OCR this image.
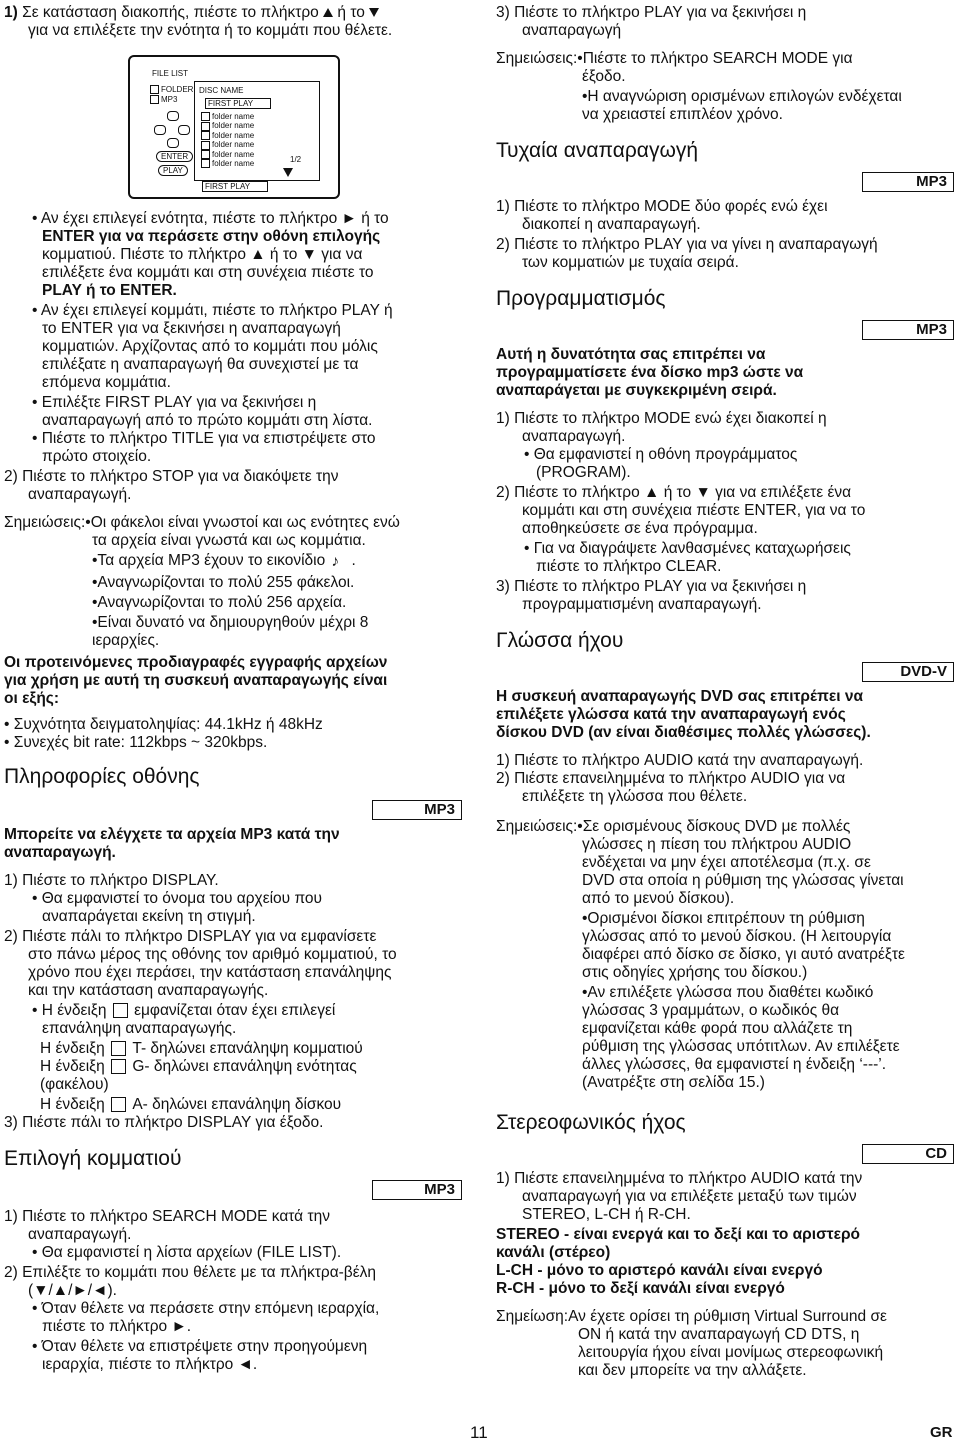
1) Σε κατάσταση διακοπής, πιέστε το πλήκτρο ή το
για να επιλέξετε την ενότητα ή το κομμάτι που θέλετε.
FILE LIST
FOLDER
MP3
DISC NAME
FIRST PLAY
folder name
folder name
folder name
folder name
folder name
folder name	1/2
ENTER
PLAY
FIRST PLAY
• Αν έχει επιλεγεί ενότητα, πιέστε το πλήκτρο ► ή το
ENTER για να περάσετε στην οθόνη επιλογής
κομματιού. Πιέστε το πλήκτρο ▲ ή το ▼ για να
επιλέξετε ένα κομμάτι και στη συνέχεια πιέστε το
PLAY ή το ENTER.
• Αν έχει επιλεγεί κομμάτι, πιέστε το πλήκτρο PLAY ή
το ENTER για να ξεκινήσει η αναπαραγωγή
κομματιών. Αρχίζοντας από το κομμάτι που μόλις
επιλέξατε η αναπαραγωγή θα συνεχιστεί με τα
επόμενα κομμάτια.
• Επιλέξτε FIRST PLAY για να ξεκινήσει η
αναπαραγωγή από το πρώτο κομμάτι στη λίστα.
• Πιέστε το πλήκτρο TITLE για να επιστρέψετε στο
πρώτο στοιχείο.
2) Πιέστε το πλήκτρο STOP για να διακόψετε την
αναπαραγωγή.
Σημειώσεις:•Οι φάκελοι είναι γνωστοί και ως ενότητες ενώ
τα αρχεία είναι γνωστά και ως κομμάτια.
•Τα αρχεία MP3 έχουν το εικονίδιο ♪ .
•Αναγνωρίζονται το πολύ 255 φάκελοι.
•Αναγνωρίζονται το πολύ 256 αρχεία.
•Είναι δυνατό να δημιουργηθούν μέχρι 8
ιεραρχίες.
Οι προτεινόμενες προδιαγραφές εγγραφής αρχείων
για χρήση με αυτή τη συσκευή αναπαραγωγής είναι
οι εξής:
• Συχνότητα δειγματοληψίας: 44.1kHz ή 48kHz
• Συνεχές bit rate: 112kbps ~ 320kbps.
Πληροφορίες οθόνης
MP3
Μπορείτε να ελέγχετε τα αρχεία MP3 κατά την
αναπαραγωγή.
1) Πιέστε το πλήκτρο DISPLAY.
• Θα εμφανιστεί το όνομα του αρχείου που
αναπαράγεται εκείνη τη στιγμή.
2) Πιέστε πάλι το πλήκτρο DISPLAY για να εμφανίσετε
στο πάνω μέρος της οθόνης τον αριθμό κομματιού, το
χρόνο που έχει περάσει, την κατάσταση επανάληψης
και την κατάσταση αναπαραγωγής.
• Η ένδειξη εμφανίζεται όταν έχει επιλεγεί
επανάληψη αναπαραγωγής.
Η ένδειξη T- δηλώνει επανάληψη κομματιού
Η ένδειξη G- δηλώνει επανάληψη ενότητας
(φακέλου)
Η ένδειξη A- δηλώνει επανάληψη δίσκου
3) Πιέστε πάλι το πλήκτρο DISPLAY για έξοδο.
Επιλογή κομματιού
MP3
1) Πιέστε το πλήκτρο SEARCH MODE κατά την
αναπαραγωγή.
• Θα εμφανιστεί η λίστα αρχείων (FILE LIST).
2) Επιλέξτε το κομμάτι που θέλετε με τα πλήκτρα-βέλη
(▼/▲/►/◄).
• Όταν θέλετε να περάσετε στην επόμενη ιεραρχία,
πιέστε το πλήκτρο ►.
• Όταν θέλετε να επιστρέψετε στην προηγούμενη
ιεραρχία, πιέστε το πλήκτρο ◄.
3) Πιέστε το πλήκτρο PLAY για να ξεκινήσει η
αναπαραγωγή
Σημειώσεις:•Πιέστε το πλήκτρο SEARCH MODE για
έξοδο.
•Η αναγνώριση ορισμένων επιλογών ενδέχεται
να χρειαστεί επιπλέον χρόνο.
Τυχαία αναπαραγωγή
MP3
1) Πιέστε το πλήκτρο MODE δύο φορές ενώ έχει
διακοπεί η αναπαραγωγή.
2) Πιέστε το πλήκτρο PLAY για να γίνει η αναπαραγωγή
των κομματιών με τυχαία σειρά.
Προγραμματισμός
MP3
Αυτή η δυνατότητα σας επιτρέπει να
προγραμματίσετε ένα δίσκο mp3 ώστε να
αναπαράγεται με συγκεκριμένη σειρά.
1) Πιέστε το πλήκτρο MODE ενώ έχει διακοπεί η
αναπαραγωγή.
• Θα εμφανιστεί η οθόνη προγράμματος
(PROGRAM).
2) Πιέστε το πλήκτρο ▲ ή το ▼ για να επιλέξετε ένα
κομμάτι και στη συνέχεια πιέστε ENTER, για να το
αποθηκεύσετε σε ένα πρόγραμμα.
• Για να διαγράψετε λανθασμένες καταχωρήσεις
πιέστε το πλήκτρο CLEAR.
3) Πιέστε το πλήκτρο PLAY για να ξεκινήσει η
προγραμματισμένη αναπαραγωγή.
Γλώσσα ήχου
DVD-V
Η συσκευή αναπαραγωγής DVD σας επιτρέπει να
επιλέξετε γλώσσα κατά την αναπαραγωγή ενός
δίσκου DVD (αν είναι διαθέσιμες πολλές γλώσσες).
1) Πιέστε το πλήκτρο AUDIO κατά την αναπαραγωγή.
2) Πιέστε επανειλημμένα το πλήκτρο AUDIO για να
επιλέξετε τη γλώσσα που θέλετε.
Σημειώσεις:•Σε ορισμένους δίσκους DVD με πολλές
γλώσσες η πίεση του πλήκτρου AUDIO
ενδέχεται να μην έχει αποτέλεσμα (π.χ. σε
DVD στα οποία η ρύθμιση της γλώσσας γίνεται
από το μενού δίσκου).
•Ορισμένοι δίσκοι επιτρέπουν τη ρύθμιση
γλώσσας από το μενού δίσκου. (Η λειτουργία
διαφέρει από δίσκο σε δίσκο, γι αυτό ανατρέξτε
στις οδηγίες χρήσης του δίσκου.)
•Αν επιλέξετε γλώσσα που διαθέτει κωδικό
γλώσσας 3 γραμμάτων, ο κωδικός θα
εμφανίζεται κάθε φορά που αλλάζετε τη
ρύθμιση της γλώσσας υπότιτλων. Αν επιλέξετε
άλλες γλώσσες, θα εμφανιστεί η ένδειξη ‘---’.
(Ανατρέξτε στη σελίδα 15.)
Στερεοφωνικός ήχος
CD
1) Πιέστε επανειλημμένα το πλήκτρο AUDIO κατά την
αναπαραγωγή για να επιλέξετε μεταξύ των τιμών
STEREO, L-CH ή R-CH.
STEREO - είναι ενεργά και το δεξί και το αριστερό
κανάλι (στέρεο)
L-CH - μόνο το αριστερό κανάλι είναι ενεργό
R-CH - μόνο το δεξί κανάλι είναι ενεργό
Σημείωση:Αν έχετε ορίσει τη ρύθμιση Virtual Surround σε
ON ή κατά την αναπαραγωγή CD DTS, η
λειτουργία ήχου είναι μονίμως στερεοφωνική
και δεν μπορείτε να την αλλάξετε.
11	GR
